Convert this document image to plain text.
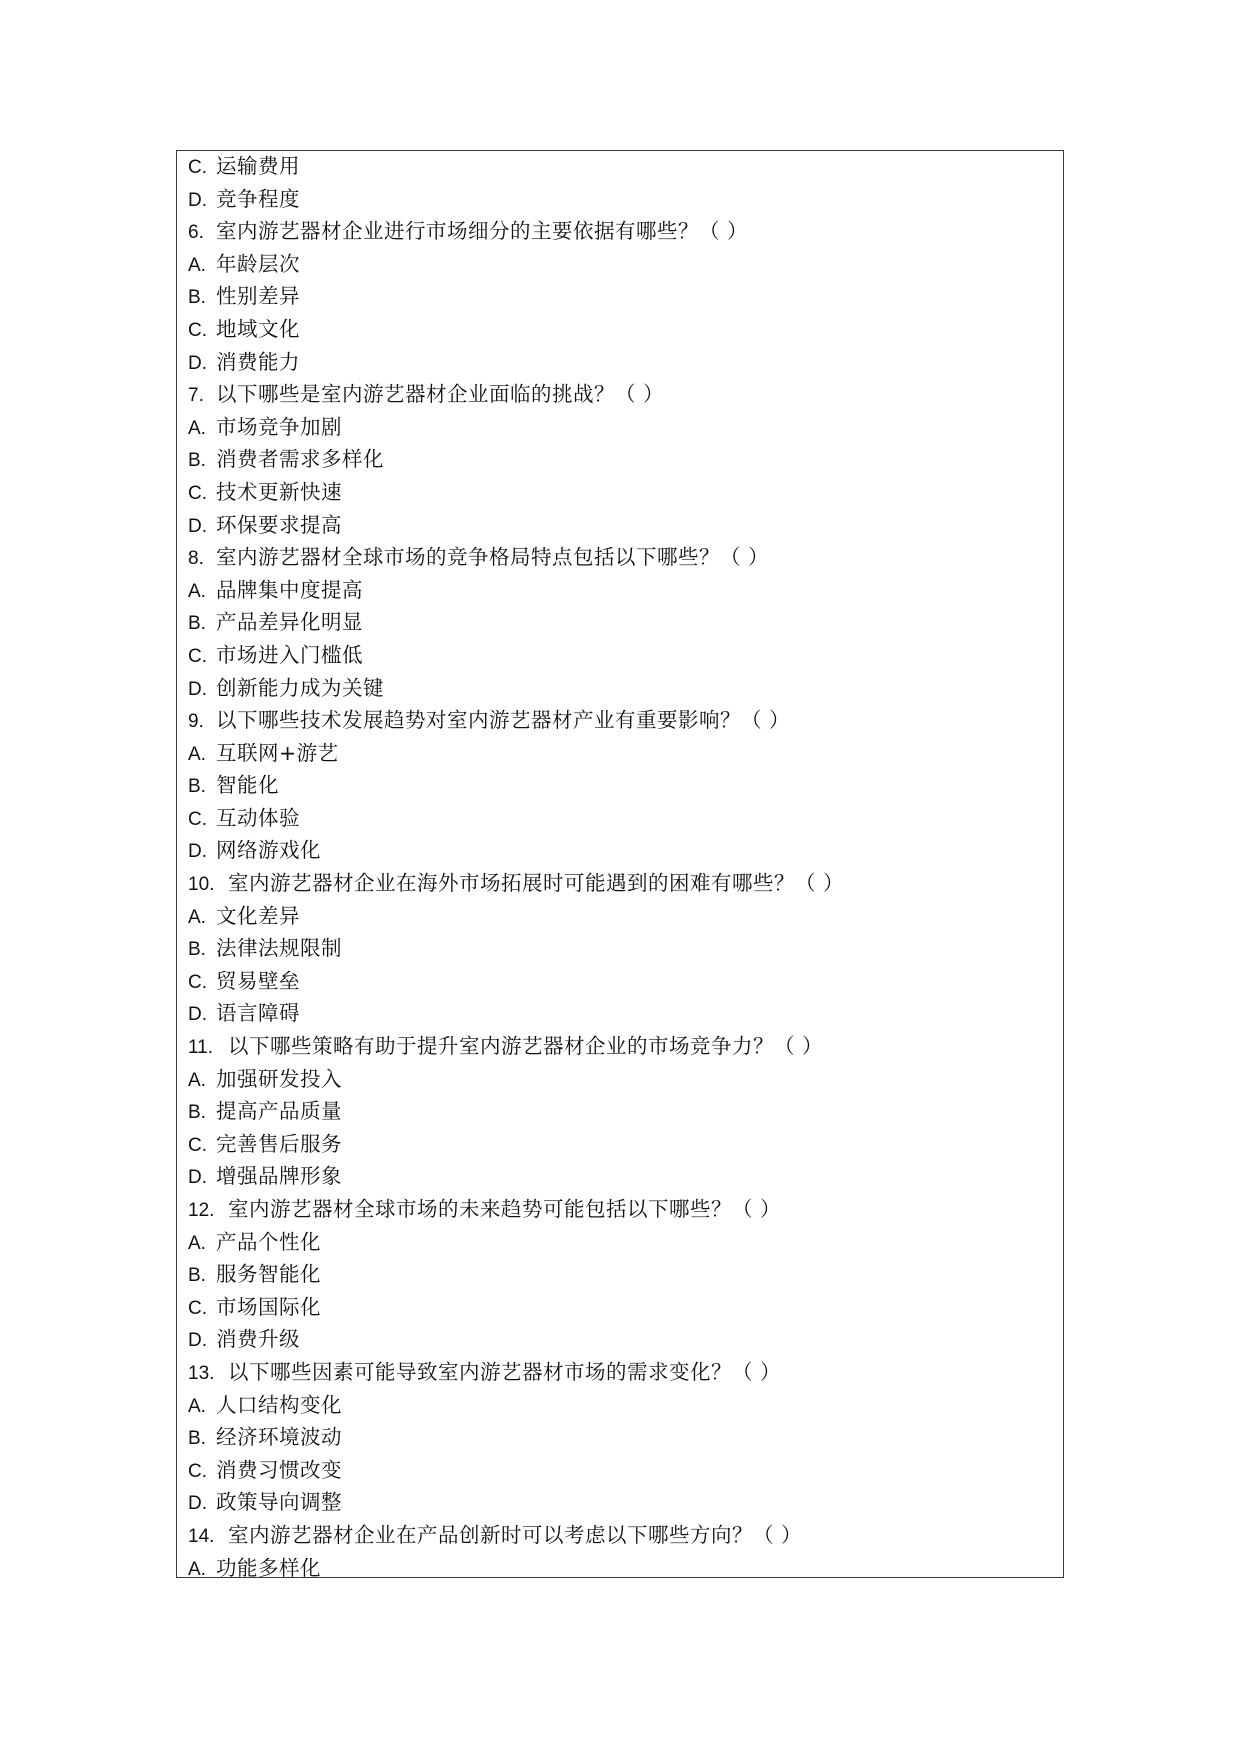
C. 运输费用
D. 竞争程度
6. 室内游艺器材企业进行市场细分的主要依据有哪些？（ ）
A. 年龄层次
B. 性别差异
C. 地域文化
D. 消费能力
7. 以下哪些是室内游艺器材企业面临的挑战？（ ）
A. 市场竞争加剧
B. 消费者需求多样化
C. 技术更新快速
D. 环保要求提高
8. 室内游艺器材全球市场的竞争格局特点包括以下哪些？（ ）
A. 品牌集中度提高
B. 产品差异化明显
C. 市场进入门槛低
D. 创新能力成为关键
9. 以下哪些技术发展趋势对室内游艺器材产业有重要影响？（ ）
A. 互联网+游艺
B. 智能化
C. 互动体验
D. 网络游戏化
10. 室内游艺器材企业在海外市场拓展时可能遇到的困难有哪些？（ ）
A. 文化差异
B. 法律法规限制
C. 贸易壁垒
D. 语言障碍
11. 以下哪些策略有助于提升室内游艺器材企业的市场竞争力？（ ）
A. 加强研发投入
B. 提高产品质量
C. 完善售后服务
D. 增强品牌形象
12. 室内游艺器材全球市场的未来趋势可能包括以下哪些？（ ）
A. 产品个性化
B. 服务智能化
C. 市场国际化
D. 消费升级
13. 以下哪些因素可能导致室内游艺器材市场的需求变化？（ ）
A. 人口结构变化
B. 经济环境波动
C. 消费习惯改变
D. 政策导向调整
14. 室内游艺器材企业在产品创新时可以考虑以下哪些方向？（ ）
A. 功能多样化
